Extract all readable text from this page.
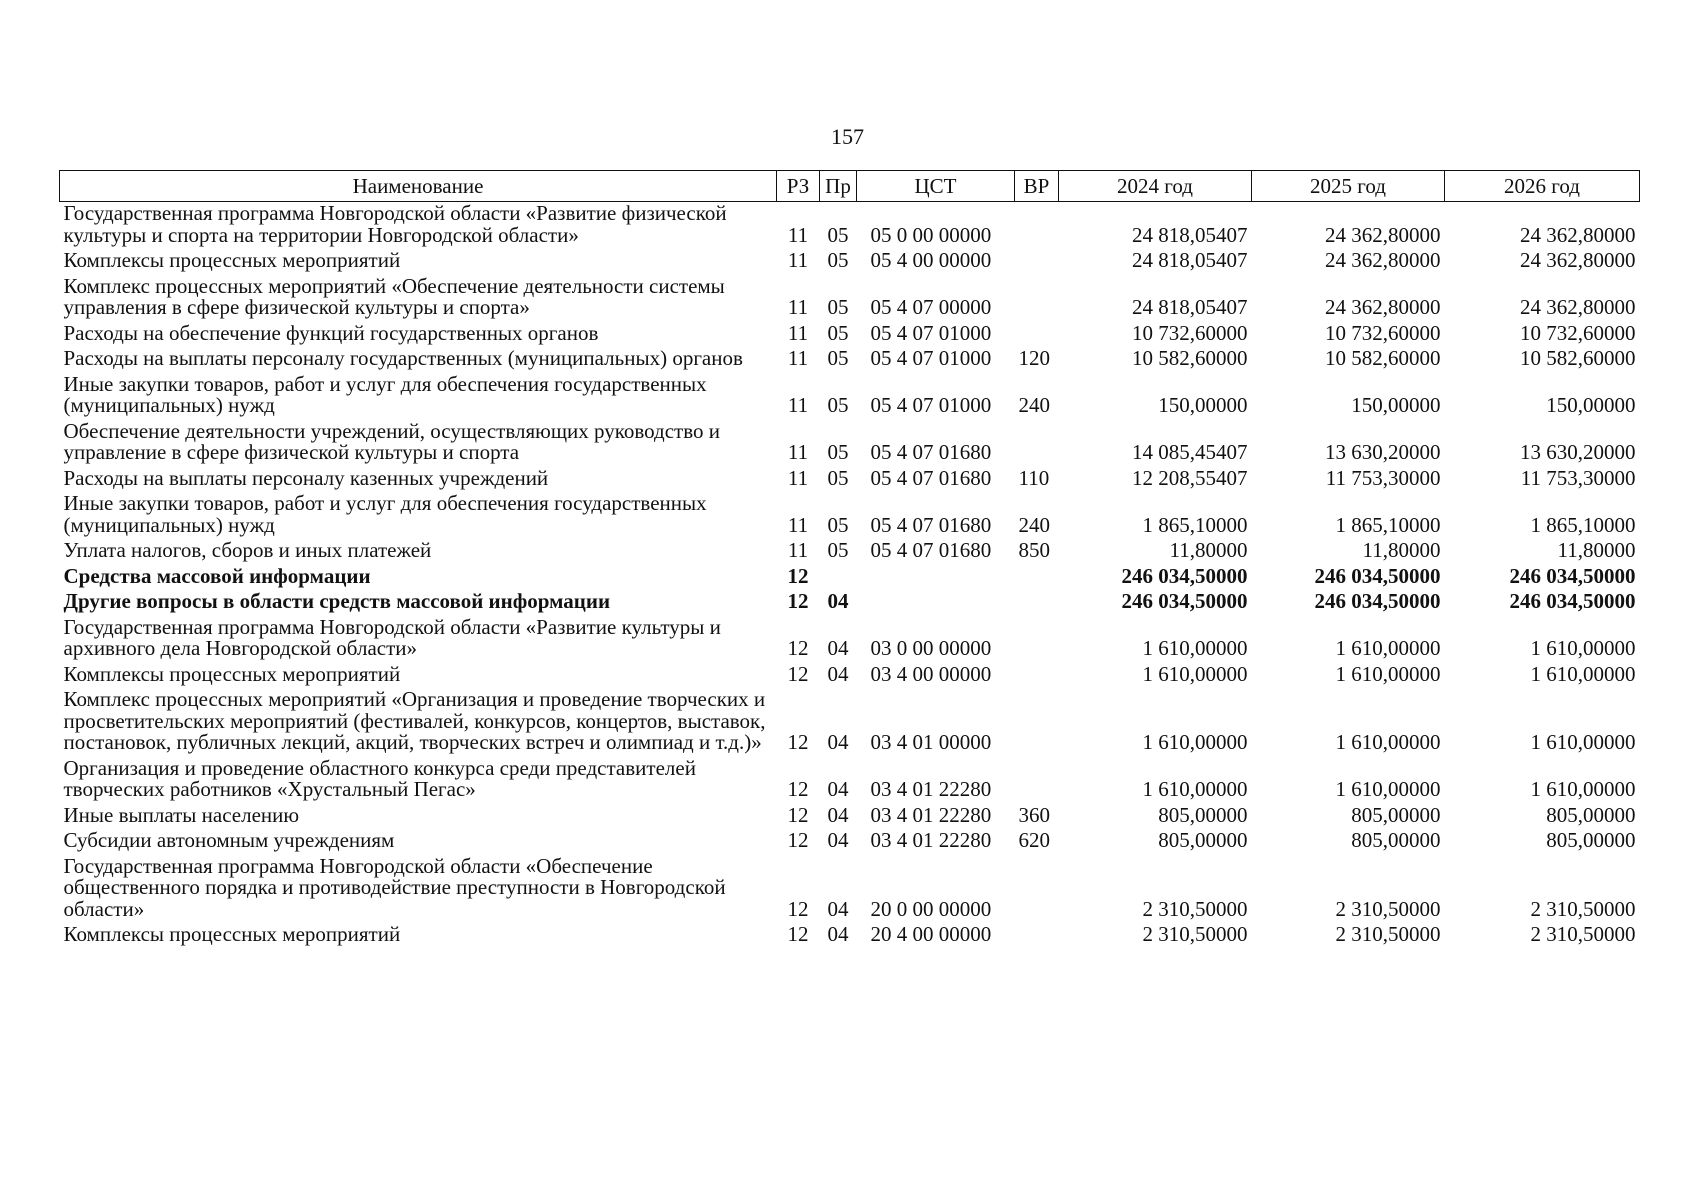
157
Наименование	РЗ	Пр	ЦСТ	ВР	2024 год	2025 год	2026 год
Государственная программа Новгородской области «Развитие физической культуры и спорта на территории Новгородской области»	11	05	05 0 00 00000		24 818,05407	24 362,80000	24 362,80000
Комплексы процессных мероприятий	11	05	05 4 00 00000		24 818,05407	24 362,80000	24 362,80000
Комплекс процессных мероприятий «Обеспечение деятельности системы управления в сфере физической культуры и спорта»	11	05	05 4 07 00000		24 818,05407	24 362,80000	24 362,80000
Расходы на обеспечение функций государственных органов	11	05	05 4 07 01000		10 732,60000	10 732,60000	10 732,60000
Расходы на выплаты персоналу государственных (муниципальных) органов	11	05	05 4 07 01000	120	10 582,60000	10 582,60000	10 582,60000
Иные закупки товаров, работ и услуг для обеспечения государственных (муниципальных) нужд	11	05	05 4 07 01000	240	150,00000	150,00000	150,00000
Обеспечение деятельности учреждений, осуществляющих руководство и управление в сфере физической культуры и спорта	11	05	05 4 07 01680		14 085,45407	13 630,20000	13 630,20000
Расходы на выплаты персоналу казенных учреждений	11	05	05 4 07 01680	110	12 208,55407	11 753,30000	11 753,30000
Иные закупки товаров, работ и услуг для обеспечения государственных (муниципальных) нужд	11	05	05 4 07 01680	240	1 865,10000	1 865,10000	1 865,10000
Уплата налогов, сборов и иных платежей	11	05	05 4 07 01680	850	11,80000	11,80000	11,80000
Средства массовой информации	12				246 034,50000	246 034,50000	246 034,50000
Другие вопросы в области средств массовой информации	12	04			246 034,50000	246 034,50000	246 034,50000
Государственная программа Новгородской области «Развитие культуры и архивного дела Новгородской области»	12	04	03 0 00 00000		1 610,00000	1 610,00000	1 610,00000
Комплексы процессных мероприятий	12	04	03 4 00 00000		1 610,00000	1 610,00000	1 610,00000
Комплекс процессных мероприятий «Организация и проведение творческих и просветительских мероприятий (фестивалей, конкурсов, концертов, выставок, постановок, публичных лекций, акций, творческих встреч и олимпиад и т.д.)»	12	04	03 4 01 00000		1 610,00000	1 610,00000	1 610,00000
Организация и проведение областного конкурса среди представителей творческих работников «Хрустальный Пегас»	12	04	03 4 01 22280		1 610,00000	1 610,00000	1 610,00000
Иные выплаты населению	12	04	03 4 01 22280	360	805,00000	805,00000	805,00000
Субсидии автономным учреждениям	12	04	03 4 01 22280	620	805,00000	805,00000	805,00000
Государственная программа Новгородской области «Обеспечение общественного порядка и противодействие преступности в Новгородской области»	12	04	20 0 00 00000		2 310,50000	2 310,50000	2 310,50000
Комплексы процессных мероприятий	12	04	20 4 00 00000		2 310,50000	2 310,50000	2 310,50000
